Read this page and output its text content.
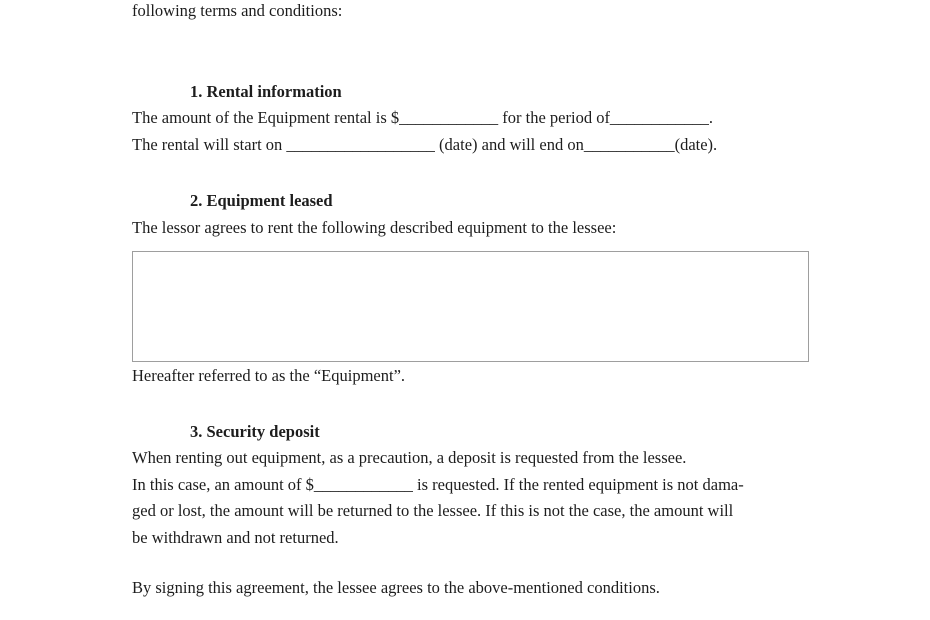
following terms and conditions:
1. Rental information
The amount of the Equipment rental is $____________ for the period of____________.
The rental will start on __________________ (date) and will end on___________(date).
2. Equipment leased
The lessor agrees to rent the following described equipment to the lessee:
Hereafter referred to as the “Equipment”.
3. Security deposit
When renting out equipment, as a precaution, a deposit is requested from the lessee.
In this case, an amount of $____________ is requested. If the rented equipment is not dama-
ged or lost, the amount will be returned to the lessee. If this is not the case, the amount will
be withdrawn and not returned.
By signing this agreement, the lessee agrees to the above-mentioned conditions.
